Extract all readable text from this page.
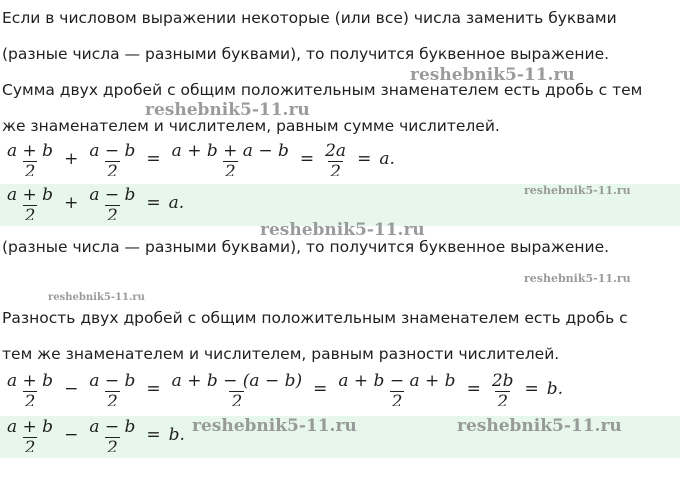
Если в числовом выражении некоторые (или все) числа заменить буквами
(разные числа — разными буквами), то получится буквенное выражение.
Сумма двух дробей с общим положительным знаменателем есть дробь с тем
же знаменателем и числителем, равным сумме числителей.
(разные числа — разными буквами), то получится буквенное выражение.
Разность двух дробей с общим положительным знаменателем есть дробь с
тем же знаменателем и числителем, равным разности числителей.
$\frac{a + b}{2} + \frac{a - b}{2} = \frac{a + b + a - b}{2} = \frac{2a}{2} = a$.
$\frac{a + b}{2} + \frac{a - b}{2} = a$.
$\frac{a + b}{2} - \frac{a - b}{2} = \frac{a + b - (a - b)}{2} = \frac{a + b - a + b}{2} = \frac{2b}{2} = b$.
$\frac{a + b}{2} - \frac{a - b}{2} = b$.
reshebnik5-11.ru
reshebnik5-11.ru
reshebnik5-11.ru
reshebnik5-11.ru
reshebnik5-11.ru
reshebnik5-11.ru
reshebnik5-11.ru	reshebnik5-11.ru
